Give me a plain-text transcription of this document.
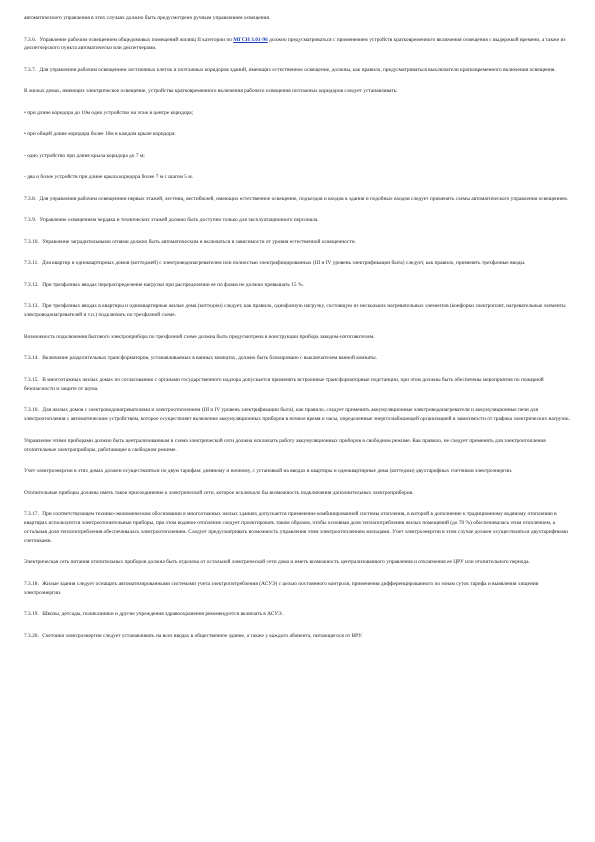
автоматического управления в этих случаях должно быть предусмотрено ручным управлением освещения.

7.3.6. Управление рабочим освещением общедомовых помещений жилищ II категории по МГСН 3.01-96 должно предусматриваться с применением устройств кратковременного включения освещения с выдержкой времени, а также из диспетчерского пункта автоматически или диспетчерами.

7.3.7. Для управления рабочим освещением лестничных клеток и поэтажных коридоров зданий, имеющих естественное освещение, должны, как правило, предусматриваться выключатели кратковременного включения освещения.

В жилых домах, имеющих электрическое освещение, устройства кратковременного включения рабочего освещения поэтажных коридоров следует устанавливать:

• при длине коридора до 10м одно устройство на этаж в центре коридора;

• при общей длине коридора более 10м в каждом крыле коридора:

- одно устройство при длине крыла коридора до 7 м;

- два и более устройств при длине крыла коридора более 7 м с шагом 5 м.

7.3.8. Для управления рабочим освещением первых этажей, лестниц, вестибюлей, имеющих естественное освещение, подъездов и входов в здания и подобных входов следует применять схемы автоматического управления освещением.

7.3.9. Управление освещением чердака и технических этажей должно быть доступно только для эксплуатационного персонала.

7.3.10. Управление заградительными огнями должно быть автоматическим и включаться в зависимости от уровня естественной освещенности.

7.3.11. Для квартир и одноквартирных домов (коттеджей) с электроводонагревателем или полностью электрифицированных (III и IV уровень электрификации быта) следует, как правило, применять трехфазные вводы.

7.3.12. При трехфазных вводах перераспределение нагрузки при распределении ее по фазам не должно превышать 15 %.

7.3.13. При трехфазных вводах в квартиры и одноквартирные жилые дома (коттеджи) следует, как правило, однофазную нагрузку, состоящую из нескольких нагревательных элементов (конфорки электроплит, нагревательные элементы электроводонагревателей и т.п.) подключать по трехфазной схеме.

Возможность подключения бытового электроприбора по трехфазной схеме должна быть предусмотрена в конструкции прибора заводом-изготовителем.

7.3.14. Включение разделительных трансформаторов, устанавливаемых в ванных комнатах, должно быть блокировано с выключателем ванной комнаты.

7.3.15. В многоэтажных жилых домах по согласованию с органами государственного надзора допускается применять встроенные трансформаторные подстанции, при этом должны быть обеспечены мероприятия по пожарной безопасности и защите от шума.

7.3.16. Для жилых домов с электроводонагревателями и электроотоплением (III и IV уровень электрификации быта), как правило, следует применять аккумуляционные электроводонагреватели и аккумуляционные печи для электроотопления с автоматическим устройством, которое осуществляет включение аккумуляционных приборов в ночное время и часы, определенные энергоснабжающей организацией в зависимости от графика электрических нагрузок.

Управление этими приборами должно быть централизованным и схема электрической сети должна исключать работу аккумуляционных приборов в свободном режиме. Как правило, не следует применять для электроотопления отопительные электроприборы, работающие в свободном режиме.

Учет электроэнергии в этих домах должен осуществляться по двум тарифам: дневному и ночному, с установкой на вводах в квартиры и одноквартирные дома (коттеджи) двухтарифных счетчиков электроэнергии.

Отопительные приборы должны иметь такое присоединение к электрической сети, которое исключало бы возможность подключения дополнительных электроприборов.

7.3.17. При соответствующем технико-экономическом обосновании в многоэтажных жилых зданиях допускается применение комбинированной системы отопления, в которой в дополнение к традиционному водяному отоплению в квартирах используются электроотопительные приборы, при этом водяное отопление следует проектировать таким образом, чтобы основная доля теплопотребления жилых помещений (до 70 %) обеспечивалась этим отоплением, а остальная доля теплопотребления обеспечивалась электроотоплением. Следует предусматривать возможность управления этим электроотоплением жильцами. Учет электроэнергии в этом случае должен осуществляться двухтарифными счетчиками.

Электрическая сеть питания отопительных приборов должна быть отделена от остальной электрической сети дома и иметь возможность централизованного управления и отключения ее ЦРУ или отопительного периода.

7.3.18. Жилые здания следует оснащать автоматизированными системами учета электропотребления (АСУЭ) с целью постоянного контроля, применения дифференцированного по зонам суток тарифа и выявления хищения электроэнергии.

7.3.19. Школы, детсады, поликлиники и другие учреждения здравоохранения рекомендуется включать в АСУЭ.

7.3.20. Счетчики электроэнергии следует устанавливать на всех вводах в общественное здание, а также у каждого абонента, питающегося от ВРУ.
